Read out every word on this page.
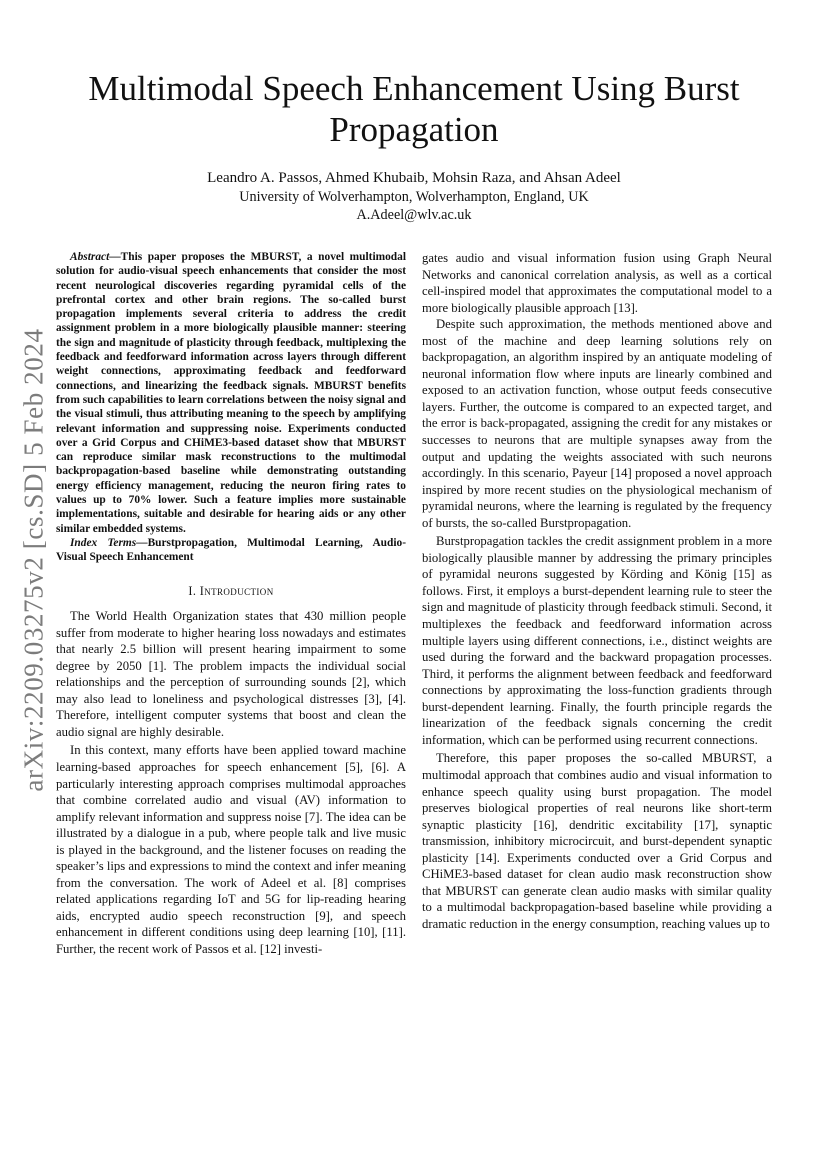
arXiv:2209.03275v2 [cs.SD] 5 Feb 2024
Multimodal Speech Enhancement Using Burst Propagation
Leandro A. Passos, Ahmed Khubaib, Mohsin Raza, and Ahsan Adeel
University of Wolverhampton, Wolverhampton, England, UK
A.Adeel@wlv.ac.uk

Abstract—This paper proposes the MBURST, a novel multimodal solution for audio-visual speech enhancements that consider the most recent neurological discoveries regarding pyramidal cells of the prefrontal cortex and other brain regions. The so-called burst propagation implements several criteria to address the credit assignment problem in a more biologically plausible manner: steering the sign and magnitude of plasticity through feedback, multiplexing the feedback and feedforward information across layers through different weight connections, approximating feedback and feedforward connections, and linearizing the feedback signals. MBURST benefits from such capabilities to learn correlations between the noisy signal and the visual stimuli, thus attributing meaning to the speech by amplifying relevant information and suppressing noise. Experiments conducted over a Grid Corpus and CHiME3-based dataset show that MBURST can reproduce similar mask reconstructions to the multimodal backpropagation-based baseline while demonstrating outstanding energy efficiency management, reducing the neuron firing rates to values up to 70% lower. Such a feature implies more sustainable implementations, suitable and desirable for hearing aids or any other similar embedded systems.

Index Terms—Burstpropagation, Multimodal Learning, Audio-Visual Speech Enhancement

I. Introduction

The World Health Organization states that 430 million people suffer from moderate to higher hearing loss nowadays and estimates that nearly 2.5 billion will present hearing impairment to some degree by 2050 [1]. The problem impacts the individual social relationships and the perception of surrounding sounds [2], which may also lead to loneliness and psychological distresses [3], [4]. Therefore, intelligent computer systems that boost and clean the audio signal are highly desirable.

In this context, many efforts have been applied toward machine learning-based approaches for speech enhancement [5], [6]. A particularly interesting approach comprises multimodal approaches that combine correlated audio and visual (AV) information to amplify relevant information and suppress noise [7]. The idea can be illustrated by a dialogue in a pub, where people talk and live music is played in the background, and the listener focuses on reading the speaker’s lips and expressions to mind the context and infer meaning from the conversation. The work of Adeel et al. [8] comprises related applications regarding IoT and 5G for lip-reading hearing aids, encrypted audio speech reconstruction [9], and speech enhancement in different conditions using deep learning [10], [11]. Further, the recent work of Passos et al. [12] investi-

gates audio and visual information fusion using Graph Neural Networks and canonical correlation analysis, as well as a cortical cell-inspired model that approximates the computational model to a more biologically plausible approach [13].

Despite such approximation, the methods mentioned above and most of the machine and deep learning solutions rely on backpropagation, an algorithm inspired by an antiquate modeling of neuronal information flow where inputs are linearly combined and exposed to an activation function, whose output feeds consecutive layers. Further, the outcome is compared to an expected target, and the error is back-propagated, assigning the credit for any mistakes or successes to neurons that are multiple synapses away from the output and updating the weights associated with such neurons accordingly. In this scenario, Payeur [14] proposed a novel approach inspired by more recent studies on the physiological mechanism of pyramidal neurons, where the learning is regulated by the frequency of bursts, the so-called Burstpropagation.

Burstpropagation tackles the credit assignment problem in a more biologically plausible manner by addressing the primary principles of pyramidal neurons suggested by Körding and König [15] as follows. First, it employs a burst-dependent learning rule to steer the sign and magnitude of plasticity through feedback stimuli. Second, it multiplexes the feedback and feedforward information across multiple layers using different connections, i.e., distinct weights are used during the forward and the backward propagation processes. Third, it performs the alignment between feedback and feedforward connections by approximating the loss-function gradients through burst-dependent learning. Finally, the fourth principle regards the linearization of the feedback signals concerning the credit information, which can be performed using recurrent connections.

Therefore, this paper proposes the so-called MBURST, a multimodal approach that combines audio and visual information to enhance speech quality using burst propagation. The model preserves biological properties of real neurons like short-term synaptic plasticity [16], dendritic excitability [17], synaptic transmission, inhibitory microcircuit, and burst-dependent synaptic plasticity [14]. Experiments conducted over a Grid Corpus and CHiME3-based dataset for clean audio mask reconstruction show that MBURST can generate clean audio masks with similar quality to a multimodal backpropagation-based baseline while providing a dramatic reduction in the energy consumption, reaching values up to
